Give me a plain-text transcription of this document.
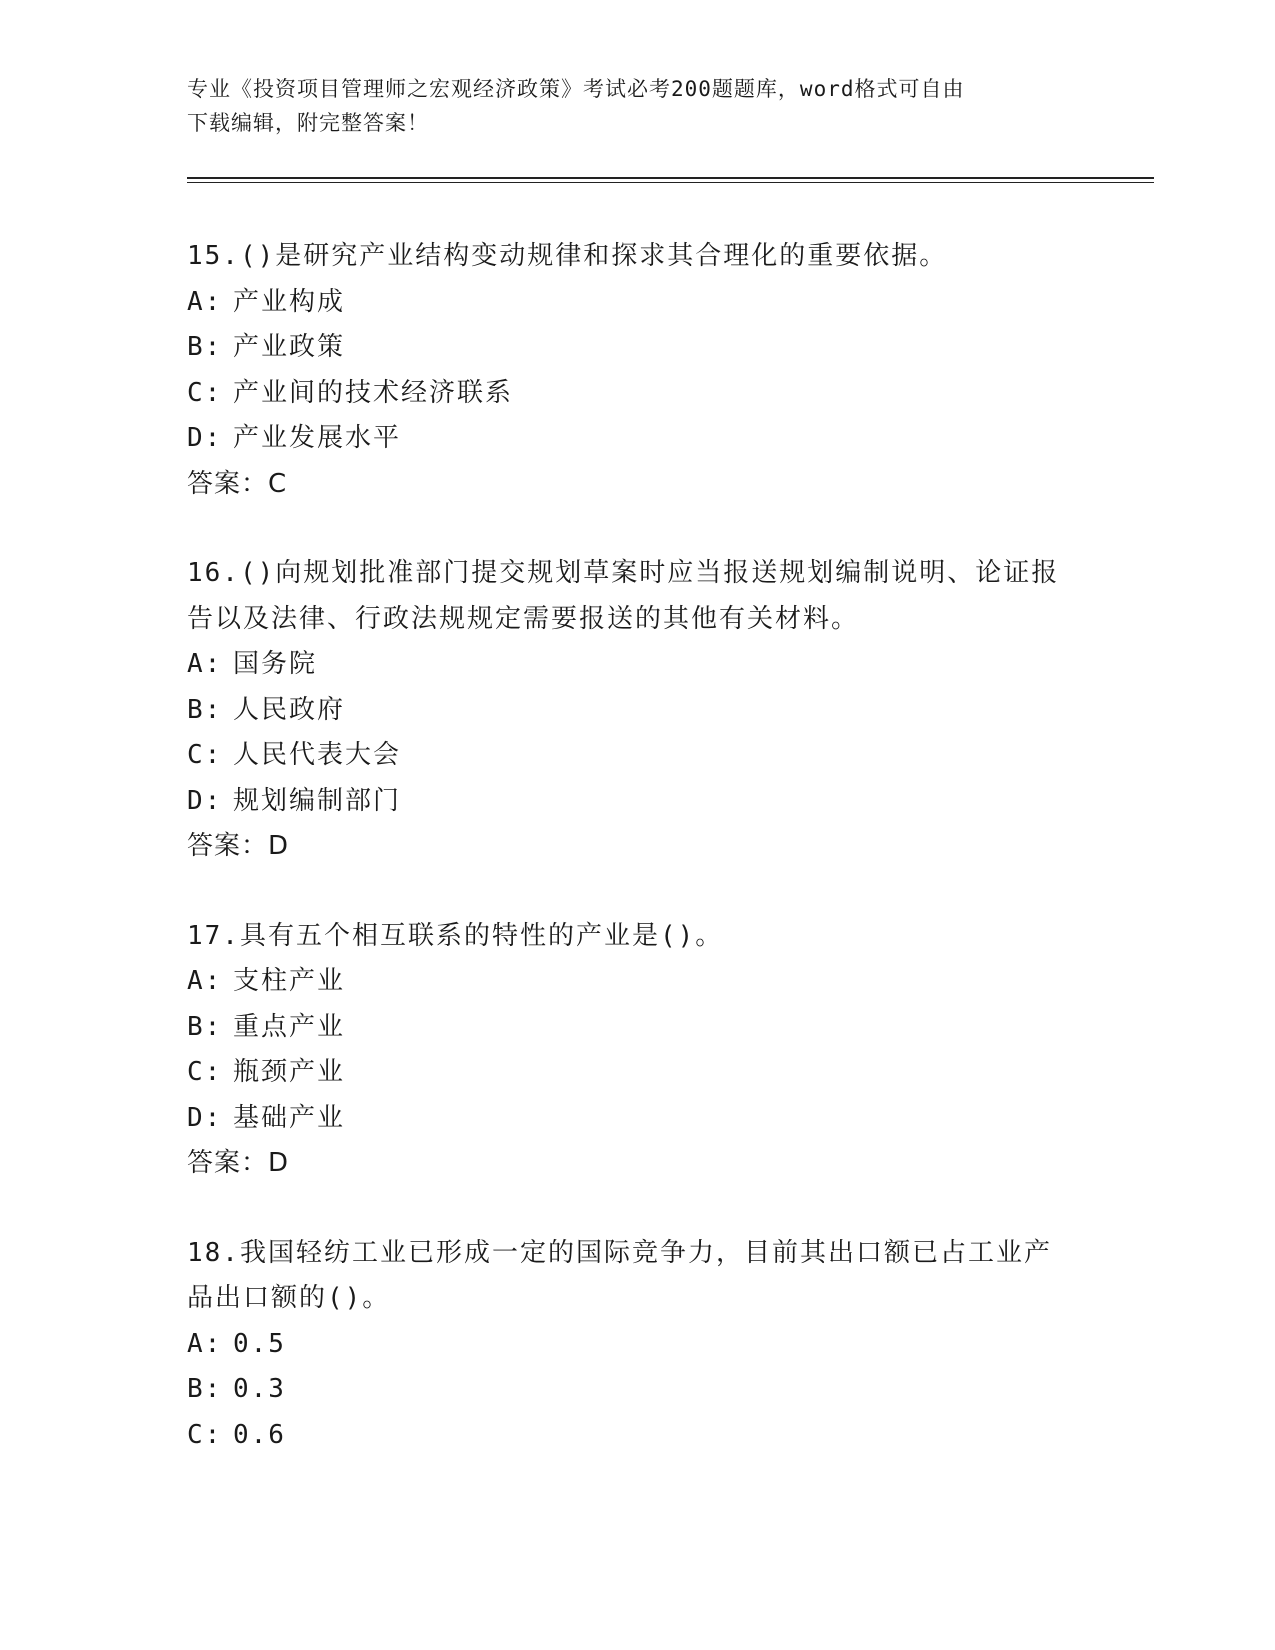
专业《投资项目管理师之宏观经济政策》考试必考200题题库，word格式可自由
下载编辑，附完整答案！
15.()是研究产业结构变动规律和探求其合理化的重要依据。
A: 产业构成
B: 产业政策
C: 产业间的技术经济联系
D: 产业发展水平
答案：C
16.()向规划批准部门提交规划草案时应当报送规划编制说明、论证报告以及法律、行政法规规定需要报送的其他有关材料。
A: 国务院
B: 人民政府
C: 人民代表大会
D: 规划编制部门
答案：D
17.具有五个相互联系的特性的产业是()。
A: 支柱产业
B: 重点产业
C: 瓶颈产业
D: 基础产业
答案：D
18.我国轻纺工业已形成一定的国际竞争力，目前其出口额已占工业产品出口额的()。
A: 0.5
B: 0.3
C: 0.6
